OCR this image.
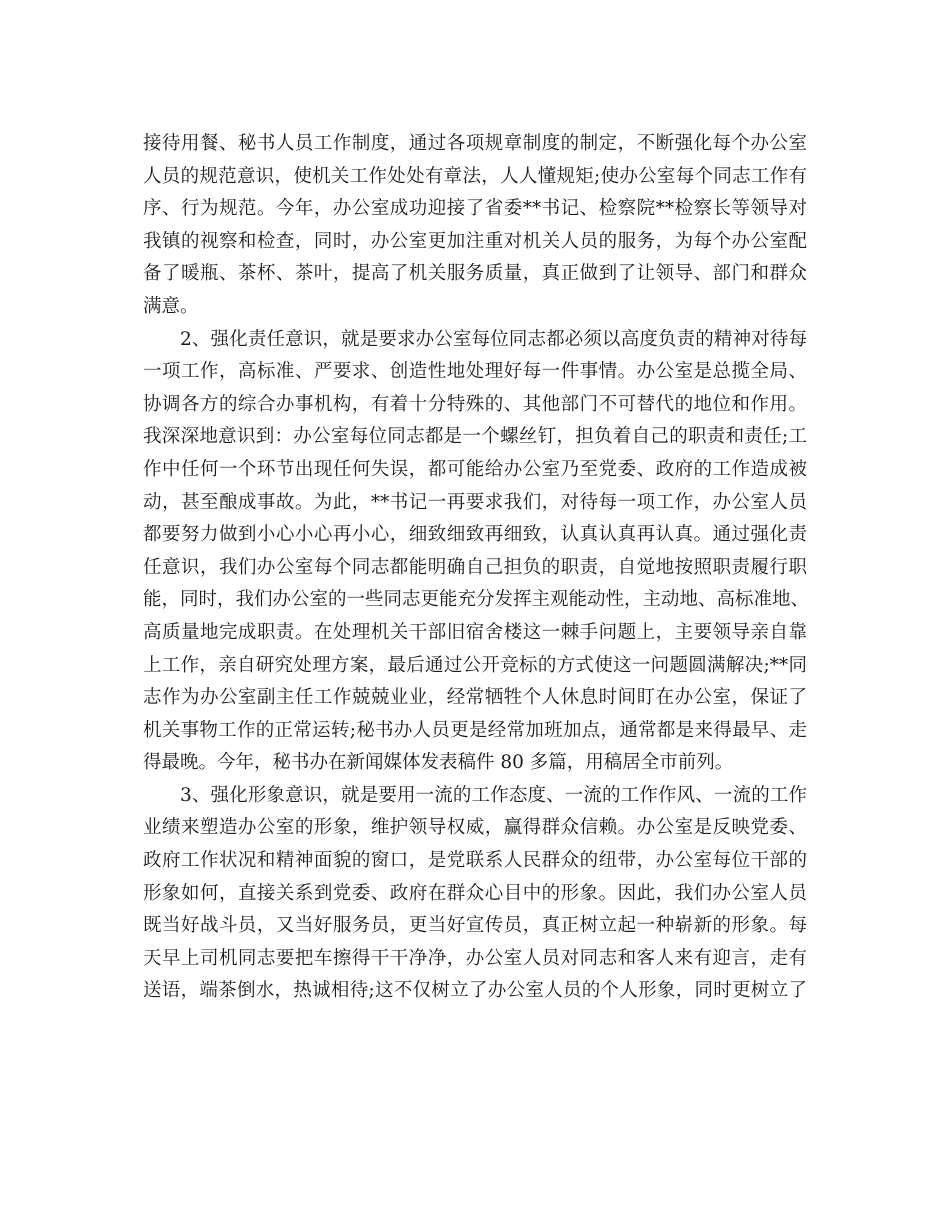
接待用餐、秘书人员工作制度，通过各项规章制度的制定，不断强化每个办公室
人员的规范意识，使机关工作处处有章法，人人懂规矩;使办公室每个同志工作有
序、行为规范。今年，办公室成功迎接了省委**书记、检察院**检察长等领导对
我镇的视察和检查，同时，办公室更加注重对机关人员的服务，为每个办公室配
备了暖瓶、茶杯、茶叶，提高了机关服务质量，真正做到了让领导、部门和群众
满意。
2、强化责任意识，就是要求办公室每位同志都必须以高度负责的精神对待每
一项工作，高标准、严要求、创造性地处理好每一件事情。办公室是总揽全局、
协调各方的综合办事机构，有着十分特殊的、其他部门不可替代的地位和作用。
我深深地意识到：办公室每位同志都是一个螺丝钉，担负着自己的职责和责任;工
作中任何一个环节出现任何失误，都可能给办公室乃至党委、政府的工作造成被
动，甚至酿成事故。为此，**书记一再要求我们，对待每一项工作，办公室人员
都要努力做到小心小心再小心，细致细致再细致，认真认真再认真。通过强化责
任意识，我们办公室每个同志都能明确自己担负的职责，自觉地按照职责履行职
能，同时，我们办公室的一些同志更能充分发挥主观能动性，主动地、高标准地、
高质量地完成职责。在处理机关干部旧宿舍楼这一棘手问题上，主要领导亲自靠
上工作，亲自研究处理方案，最后通过公开竞标的方式使这一问题圆满解决;**同
志作为办公室副主任工作兢兢业业，经常牺牲个人休息时间盯在办公室，保证了
机关事物工作的正常运转;秘书办人员更是经常加班加点，通常都是来得最早、走
得最晚。今年，秘书办在新闻媒体发表稿件 80 多篇，用稿居全市前列。
3、强化形象意识，就是要用一流的工作态度、一流的工作作风、一流的工作
业绩来塑造办公室的形象，维护领导权威，赢得群众信赖。办公室是反映党委、
政府工作状况和精神面貌的窗口，是党联系人民群众的纽带，办公室每位干部的
形象如何，直接关系到党委、政府在群众心目中的形象。因此，我们办公室人员
既当好战斗员，又当好服务员，更当好宣传员，真正树立起一种崭新的形象。每
天早上司机同志要把车擦得干干净净，办公室人员对同志和客人来有迎言，走有
送语，端茶倒水，热诚相待;这不仅树立了办公室人员的个人形象，同时更树立了
